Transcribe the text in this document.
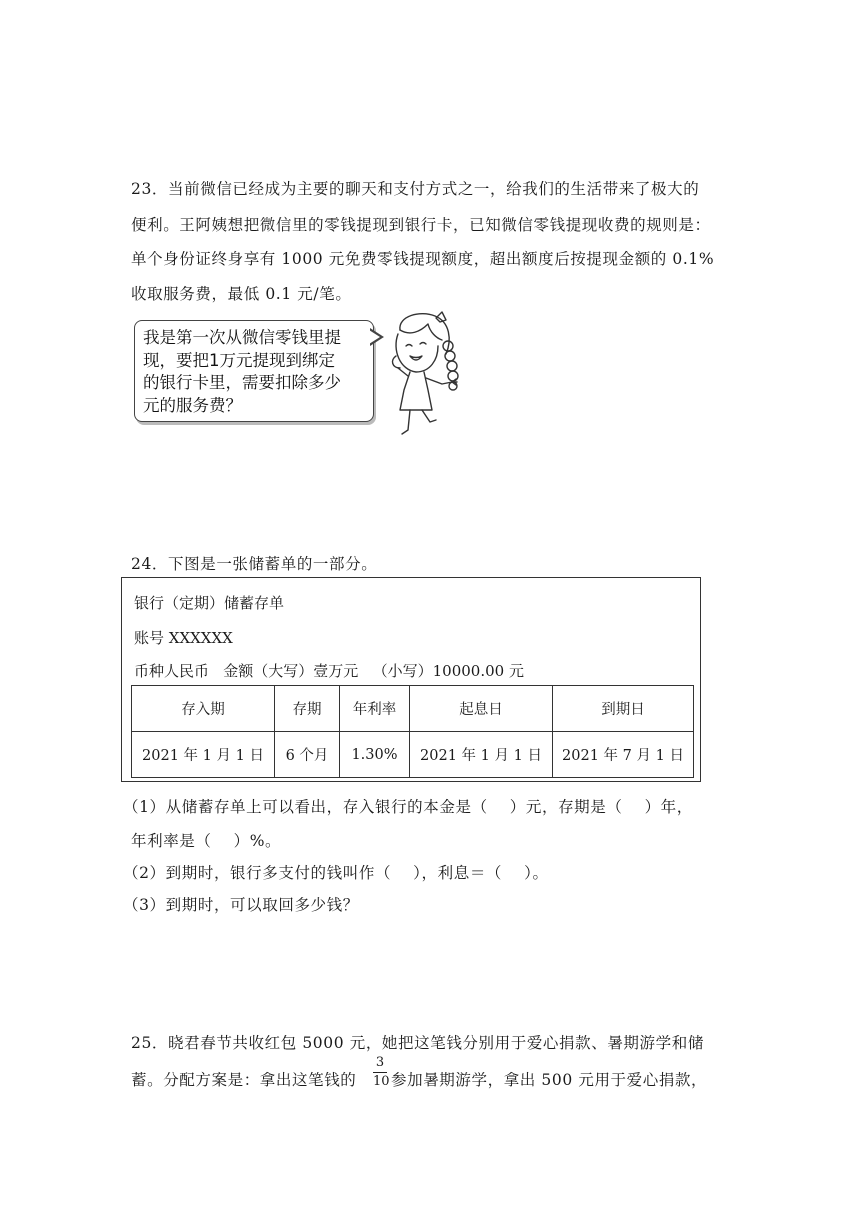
23．当前微信已经成为主要的聊天和支付方式之一，给我们的生活带来了极大的
便利。王阿姨想把微信里的零钱提现到银行卡，已知微信零钱提现收费的规则是：
单个身份证终身享有 1000 元免费零钱提现额度，超出额度后按提现金额的 0.1%
收取服务费，最低 0.1 元/笔。
我是第一次从微信零钱里提
现，要把1万元提现到绑定
的银行卡里，需要扣除多少
元的服务费？
24．下图是一张储蓄单的一部分。
银行（定期）储蓄存单
账号 XXXXXX
币种人民币   金额（大写）壹万元   （小写）10000.00 元
存入期	存期	年利率	起息日	到期日
2021 年 1 月 1 日	6 个月	1.30%	2021 年 1 月 1 日	2021 年 7 月 1 日
（1）从储蓄存单上可以看出，存入银行的本金是（    ）元，存期是（    ）年，
年利率是（    ）%。
（2）到期时，银行多支付的钱叫作（    ），利息＝（    ）。
（3）到期时，可以取回多少钱？
25．晓君春节共收红包 5000 元，她把这笔钱分别用于爱心捐款、暑期游学和储
蓄。分配方案是：拿出这笔钱的
3
10 参加暑期游学，拿出 500 元用于爱心捐款，
